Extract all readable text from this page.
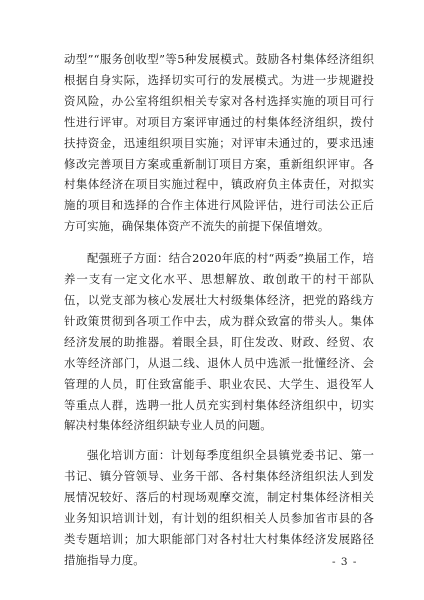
动型”“服务创收型”等5种发展模式。鼓励各村集体经济组织根据自身实际，选择切实可行的发展模式。为进一步规避投资风险，办公室将组织相关专家对各村选择实施的项目可行性进行评审。对项目方案评审通过的村集体经济组织，拨付扶持资金，迅速组织项目实施；对评审未通过的，要求迅速修改完善项目方案或重新制订项目方案，重新组织评审。各村集体经济在项目实施过程中，镇政府负主体责任，对拟实施的项目和选择的合作主体进行风险评估，进行司法公正后方可实施，确保集体资产不流失的前提下保值增效。

配强班子方面：结合2020年底的村“两委”换届工作，培养一支有一定文化水平、思想解放、敢创敢干的村干部队伍，以党支部为核心发展壮大村级集体经济，把党的路线方针政策贯彻到各项工作中去，成为群众致富的带头人。集体经济发展的助推器。着眼全县，盯住发改、财政、经贸、农水等经济部门，从退二线、退休人员中选派一批懂经济、会管理的人员，盯住致富能手、职业农民、大学生、退役军人等重点人群，选聘一批人员充实到村集体经济组织中，切实解决村集体经济组织缺专业人员的问题。

强化培训方面：计划每季度组织全县镇党委书记、第一书记、镇分管领导、业务干部、各村集体经济组织法人到发展情况较好、落后的村现场观摩交流，制定村集体经济相关业务知识培训计划，有计划的组织相关人员参加省市县的各类专题培训；加大职能部门对各村壮大村集体经济发展路径措施指导力度。	- 3 -
